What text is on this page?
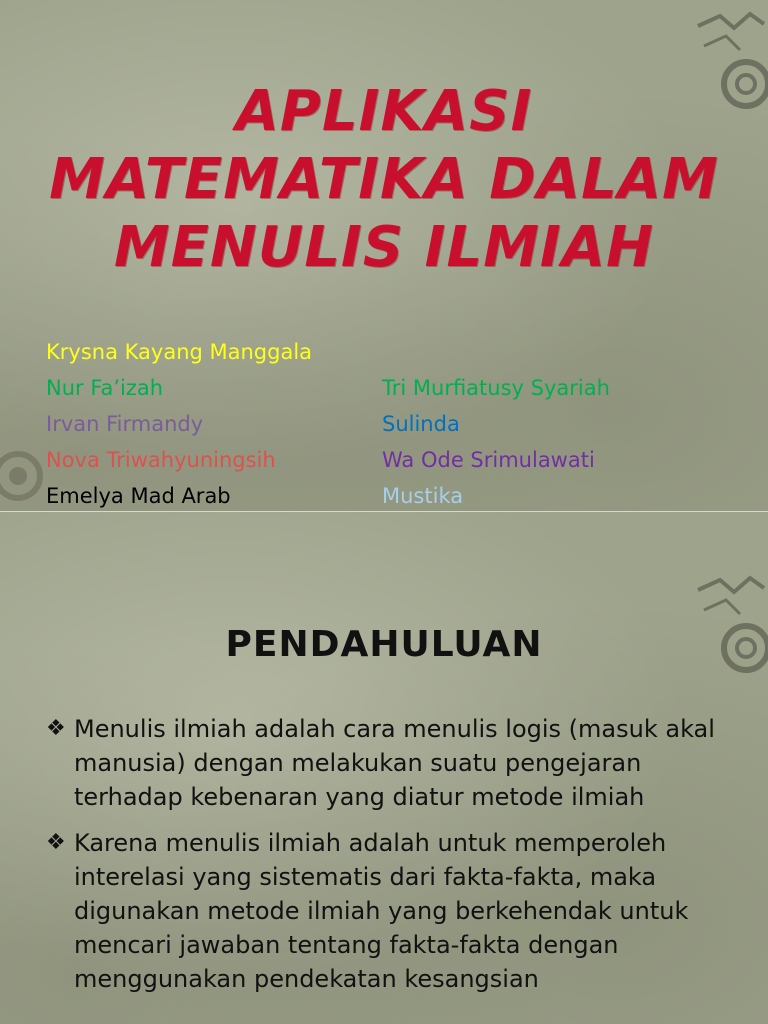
APLIKASI
MATEMATIKA DALAM
MENULIS ILMIAH
Krysna Kayang Manggala
Nur Fa’izah
Irvan Firmandy
Nova Triwahyuningsih
Emelya Mad Arab
Tri Murfiatusy Syariah
Sulinda
Wa Ode Srimulawati
Mustika
PENDAHULUAN
❖ Menulis ilmiah adalah cara menulis logis (masuk akal manusia) dengan melakukan suatu pengejaran terhadap kebenaran yang diatur metode ilmiah
❖ Karena menulis ilmiah adalah untuk memperoleh interelasi yang sistematis dari fakta-fakta, maka digunakan metode ilmiah yang berkehendak untuk mencari jawaban tentang fakta-fakta dengan menggunakan pendekatan kesangsian
